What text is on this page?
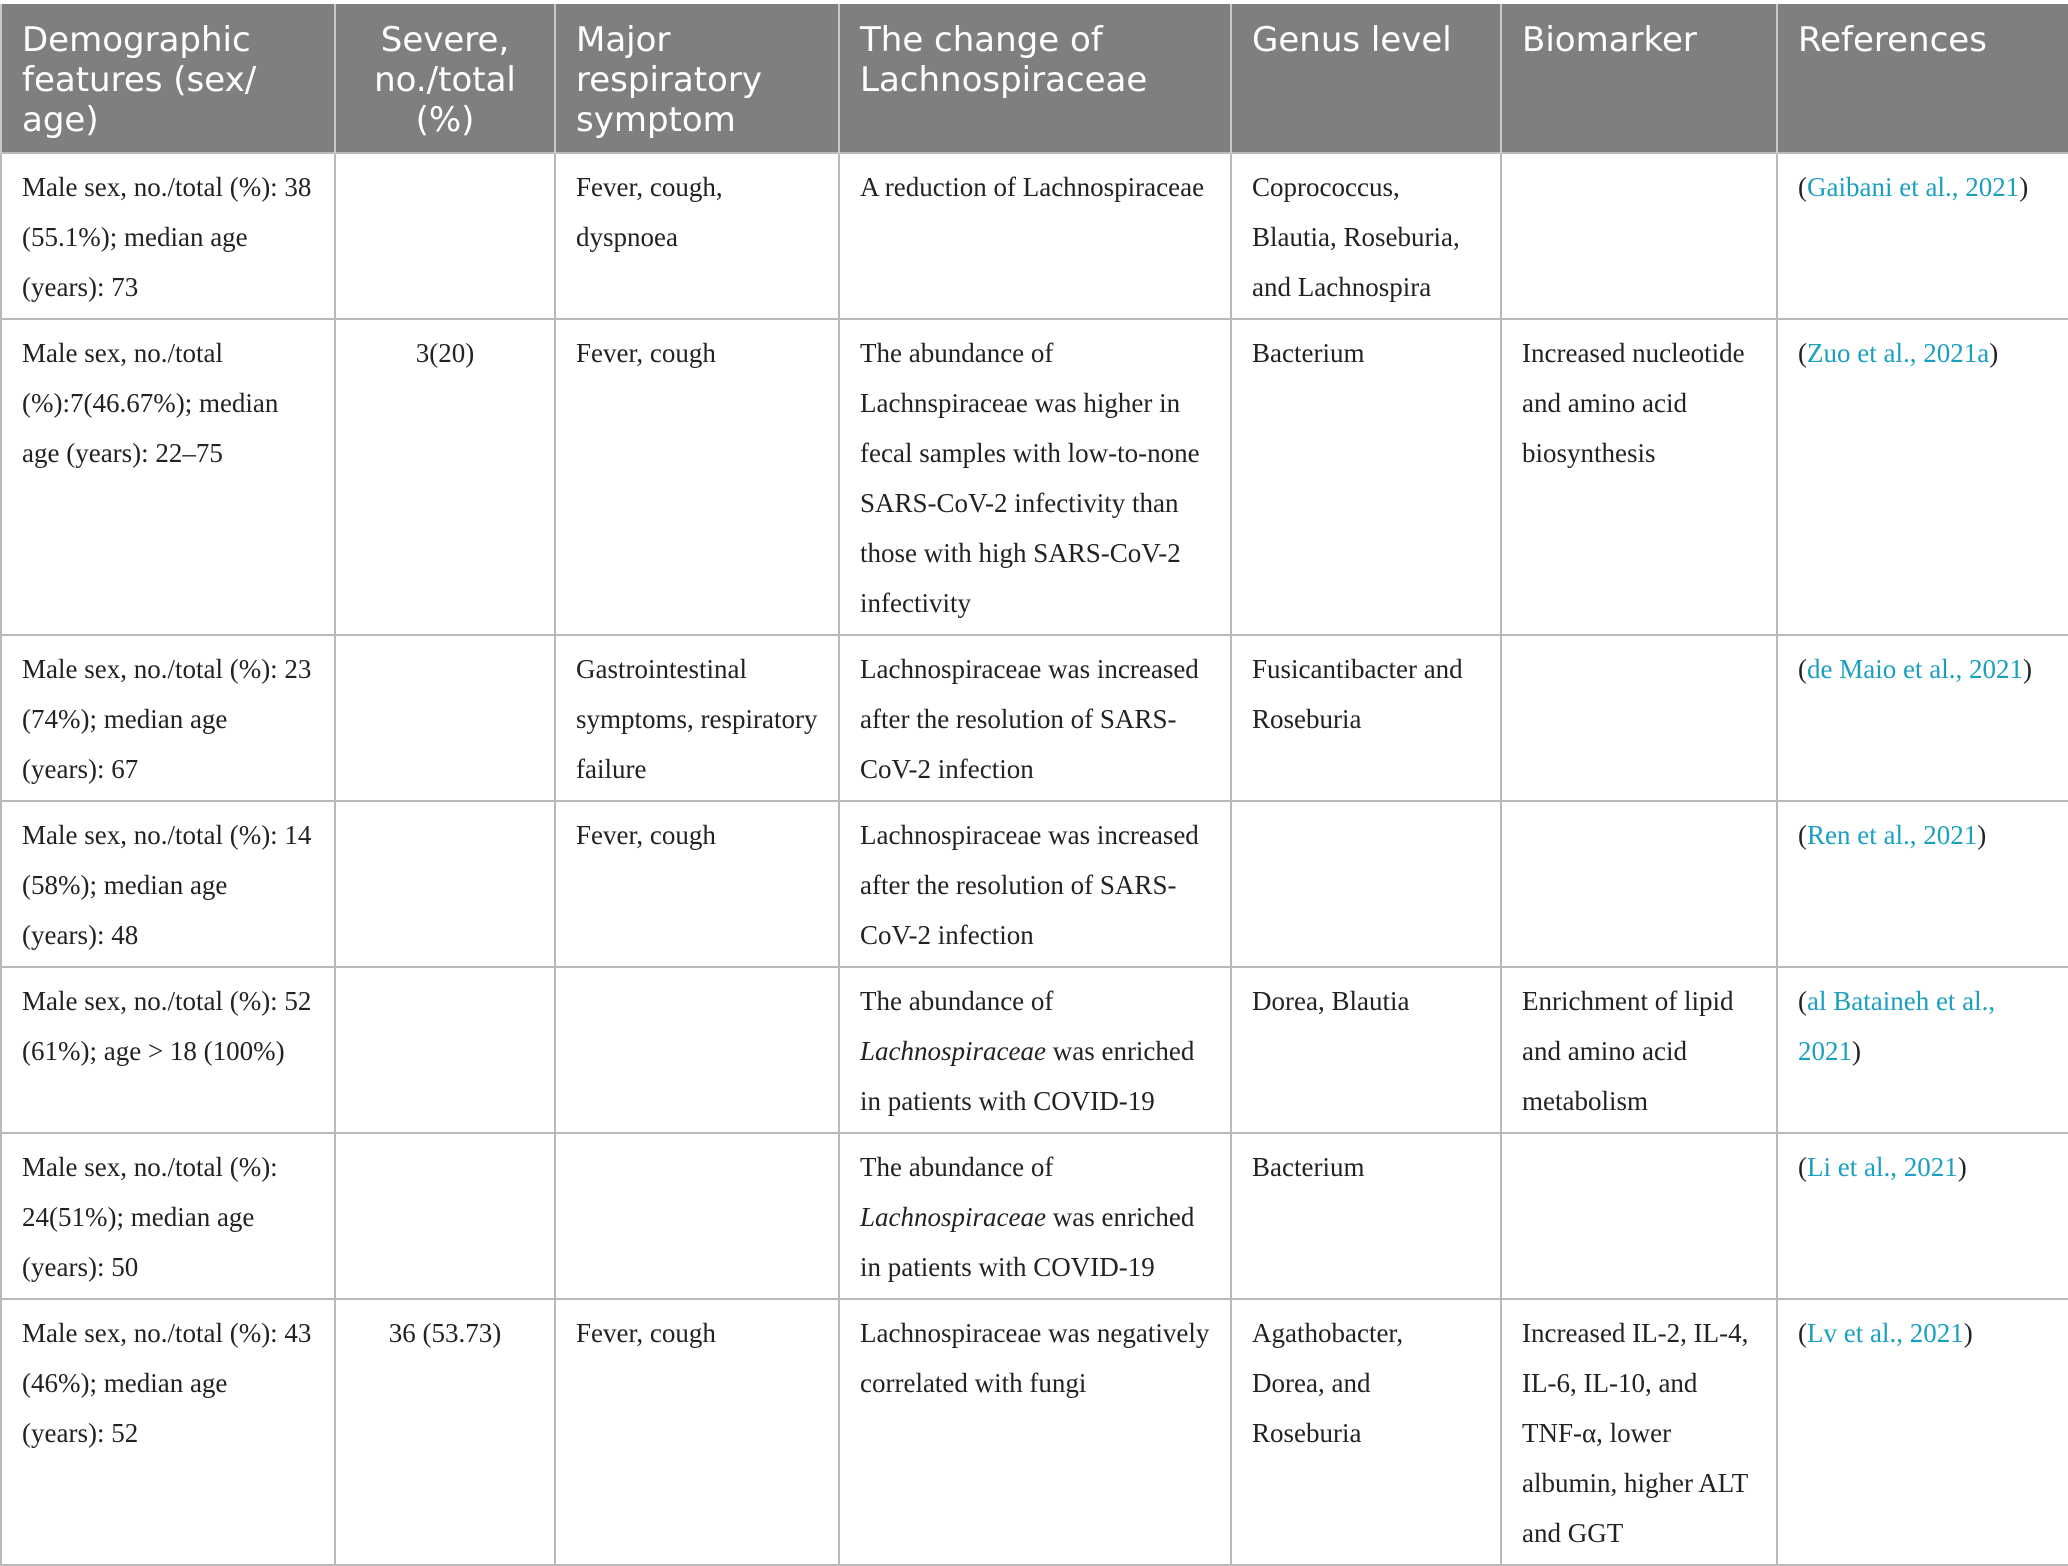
Demographic features (sex/ age)	Severe, no./total (%)	Major respiratory symptom	The change of Lachnospiraceae	Genus level	Biomarker	References
Male sex, no./total (%): 38 (55.1%); median age (years): 73		Fever, cough, dyspnoea	A reduction of Lachnospiraceae	Coprococcus, Blautia, Roseburia, and Lachnospira		(Gaibani et al., 2021)
Male sex, no./total (%):7(46.67%); median age (years): 22–75	3(20)	Fever, cough	The abundance of Lachnspiraceae was higher in fecal samples with low-to-none SARS-CoV-2 infectivity than those with high SARS-CoV-2 infectivity	Bacterium	Increased nucleotide and amino acid biosynthesis	(Zuo et al., 2021a)
Male sex, no./total (%): 23 (74%); median age (years): 67		Gastrointestinal symptoms, respiratory failure	Lachnospiraceae was increased after the resolution of SARS-CoV-2 infection	Fusicantibacter and Roseburia		(de Maio et al., 2021)
Male sex, no./total (%): 14 (58%); median age (years): 48		Fever, cough	Lachnospiraceae was increased after the resolution of SARS-CoV-2 infection			(Ren et al., 2021)
Male sex, no./total (%): 52 (61%); age > 18 (100%)			The abundance of Lachnospiraceae was enriched in patients with COVID-19	Dorea, Blautia	Enrichment of lipid and amino acid metabolism	(al Bataineh et al., 2021)
Male sex, no./total (%): 24(51%); median age (years): 50			The abundance of Lachnospiraceae was enriched in patients with COVID-19	Bacterium		(Li et al., 2021)
Male sex, no./total (%): 43 (46%); median age (years): 52	36 (53.73)	Fever, cough	Lachnospiraceae was negatively correlated with fungi	Agathobacter, Dorea, and Roseburia	Increased IL-2, IL-4, IL-6, IL-10, and TNF-α, lower albumin, higher ALT and GGT	(Lv et al., 2021)
